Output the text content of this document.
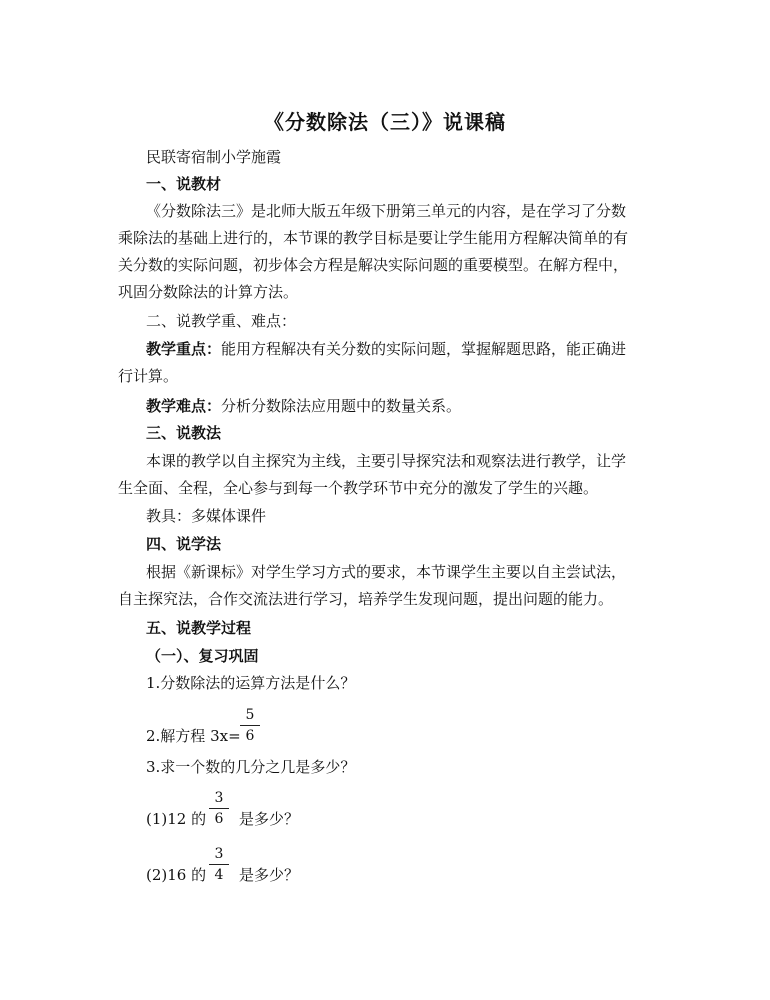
《分数除法（三）》说课稿
民联寄宿制小学施霞
一、说教材
《分数除法三》是北师大版五年级下册第三单元的内容，是在学习了分数
乘除法的基础上进行的，本节课的教学目标是要让学生能用方程解决简单的有
关分数的实际问题，初步体会方程是解决实际问题的重要模型。在解方程中，
巩固分数除法的计算方法。
二、说教学重、难点：
教学重点：能用方程解决有关分数的实际问题，掌握解题思路，能正确进
行计算。
教学难点：分析分数除法应用题中的数量关系。
三、说教法
本课的教学以自主探究为主线，主要引导探究法和观察法进行教学，让学
生全面、全程，全心参与到每一个教学环节中充分的激发了学生的兴趣。
教具：多媒体课件
四、说学法
根据《新课标》对学生学习方式的要求，本节课学生主要以自主尝试法，
自主探究法，合作交流法进行学习，培养学生发现问题，提出问题的能力。
五、说教学过程
（一）、复习巩固
1.分数除法的运算方法是什么？
2.解方程 $3x= \frac{5}{6}$
3.求一个数的几分之几是多少？
(1)12 的 $\frac{3}{6}$ 是多少？
(2)16 的 $\frac{3}{4}$ 是多少？
